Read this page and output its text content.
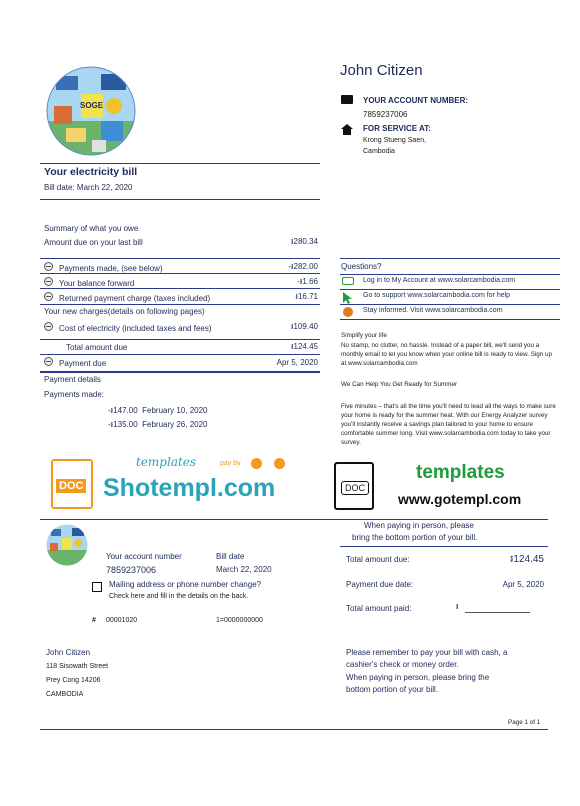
SOGE
John Citizen
YOUR ACCOUNT NUMBER:
7859237006
FOR SERVICE AT:
Krong Stueng Saen,
Cambodia
Your electricity bill
Bill date: March 22, 2020
Summary of what you owe
Amount due on your last bill	៛280.34
Payments made, (see below)	-៛282.00
Your balance forward	-៛1.66
Returned payment charge (taxes included)	៛16.71
Your new charges(details on following pages)
Cost of electricity (included taxes and fees)	៛109.40
Total amount due	៛124.45
Payment due	Apr 5, 2020
Payment details
Payments made:
-៛147.00 February 10, 2020
-៛135.00 February 26, 2020
Questions?
Log in to My Account at www.solarcambodia.com
Go to support www.solarcambodia.com for help
Stay informed. Visit www.solarcambodia.com
Simplify your life
No stamp, no clutter, no hassle. Instead of a paper bill, we'll send you a monthly email to let you know when your online bill is ready to view. Sign up at www.solarcambodia.com
We Can Help You Get Ready for Summer
Five minutes – that's all the time you'll need to lead all the ways to make sure your home is ready for the summer heat. With our Energy Analyzer survey you'll instantly receive a savings plan tailored to your home to ensure comfortable summer long. Visit www.solarcambodia.com today to take your survey.
DOC
templates	pay by
Shotempl.com	DOC
templates
www.gotempl.com
When paying in person, please
bring the bottom portion of your bill.
Your account number
7859237006
Bill date
March 22, 2020
Mailing address or phone number change?
Check here and fill in the details on the back.
# 00001020	1=0000000000
Total amount due:	៛124.45
Payment due date:	Apr 5, 2020
Total amount paid:	៛
John Citizen
118 Sisowath Street
Prey Cong 14206
CAMBODIA
Please remember to pay your bill with cash, a
cashier's check or money order.
When paying in person, please bring the
bottom portion of your bill.
Page 1 of 1
